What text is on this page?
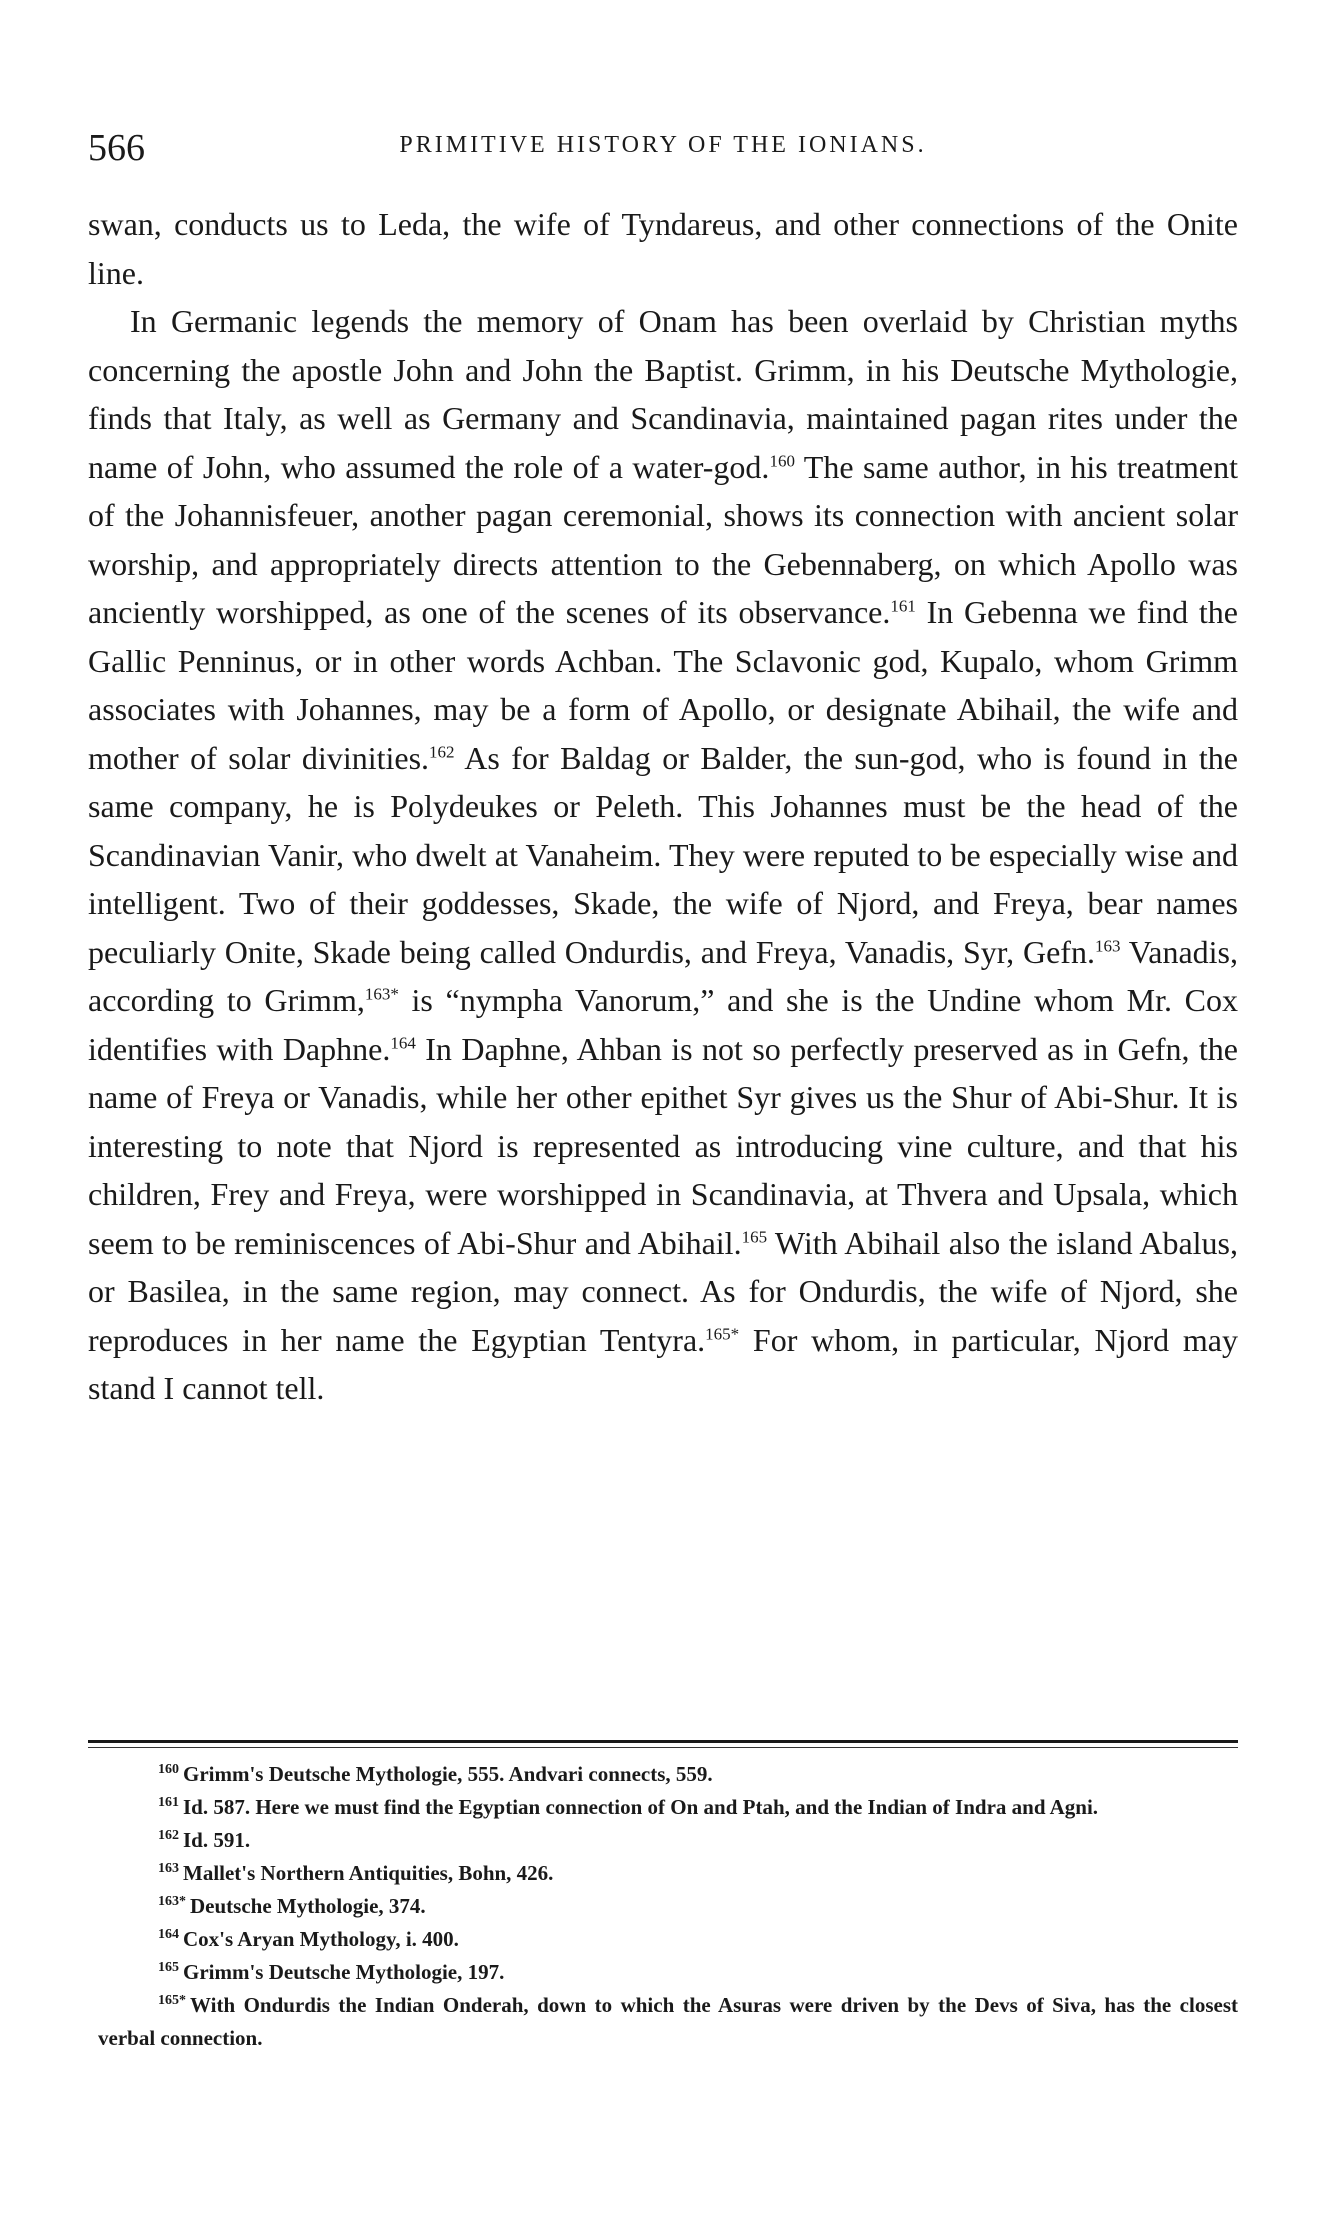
566	PRIMITIVE HISTORY OF THE IONIANS.

swan, conducts us to Leda, the wife of Tyndareus, and other connections of the Onite line.

In Germanic legends the memory of Onam has been overlaid by Christian myths concerning the apostle John and John the Baptist. Grimm, in his Deutsche Mythologie, finds that Italy, as well as Germany and Scandinavia, maintained pagan rites under the name of John, who assumed the role of a water-god.$^{160}$ The same author, in his treatment of the Johannisfeuer, another pagan ceremonial, shows its connection with ancient solar worship, and appropriately directs attention to the Gebennaberg, on which Apollo was anciently worshipped, as one of the scenes of its observance.$^{161}$ In Gebenna we find the Gallic Penninus, or in other words Achban. The Sclavonic god, Kupalo, whom Grimm associates with Johannes, may be a form of Apollo, or designate Abihail, the wife and mother of solar divinities.$^{162}$ As for Baldag or Balder, the sun-god, who is found in the same company, he is Polydeukes or Peleth. This Johannes must be the head of the Scandinavian Vanir, who dwelt at Vanaheim. They were reputed to be especially wise and intelligent. Two of their goddesses, Skade, the wife of Njord, and Freya, bear names peculiarly Onite, Skade being called Ondurdis, and Freya, Vanadis, Syr, Gefn.$^{163}$ Vanadis, according to Grimm,$^{163*}$ is “nympha Vanorum,” and she is the Undine whom Mr. Cox identifies with Daphne.$^{164}$ In Daphne, Ahban is not so perfectly preserved as in Gefn, the name of Freya or Vanadis, while her other epithet Syr gives us the Shur of Abi-Shur. It is interesting to note that Njord is represented as introducing vine culture, and that his children, Frey and Freya, were worshipped in Scandinavia, at Thvera and Upsala, which seem to be reminiscences of Abi-Shur and Abihail.$^{165}$ With Abihail also the island Abalus, or Basilea, in the same region, may connect. As for Ondurdis, the wife of Njord, she reproduces in her name the Egyptian Tentyra.$^{165*}$ For whom, in particular, Njord may stand I cannot tell.

$^{160}$ Grimm's Deutsche Mythologie, 555. Andvari connects, 559.

$^{161}$ Id. 587. Here we must find the Egyptian connection of On and Ptah, and the Indian of Indra and Agni.

$^{162}$ Id. 591.

$^{163}$ Mallet's Northern Antiquities, Bohn, 426.

$^{163*}$ Deutsche Mythologie, 374.

$^{164}$ Cox's Aryan Mythology, i. 400.

$^{165}$ Grimm's Deutsche Mythologie, 197.

$^{165*}$ With Ondurdis the Indian Onderah, down to which the Asuras were driven by the Devs of Siva, has the closest verbal connection.
